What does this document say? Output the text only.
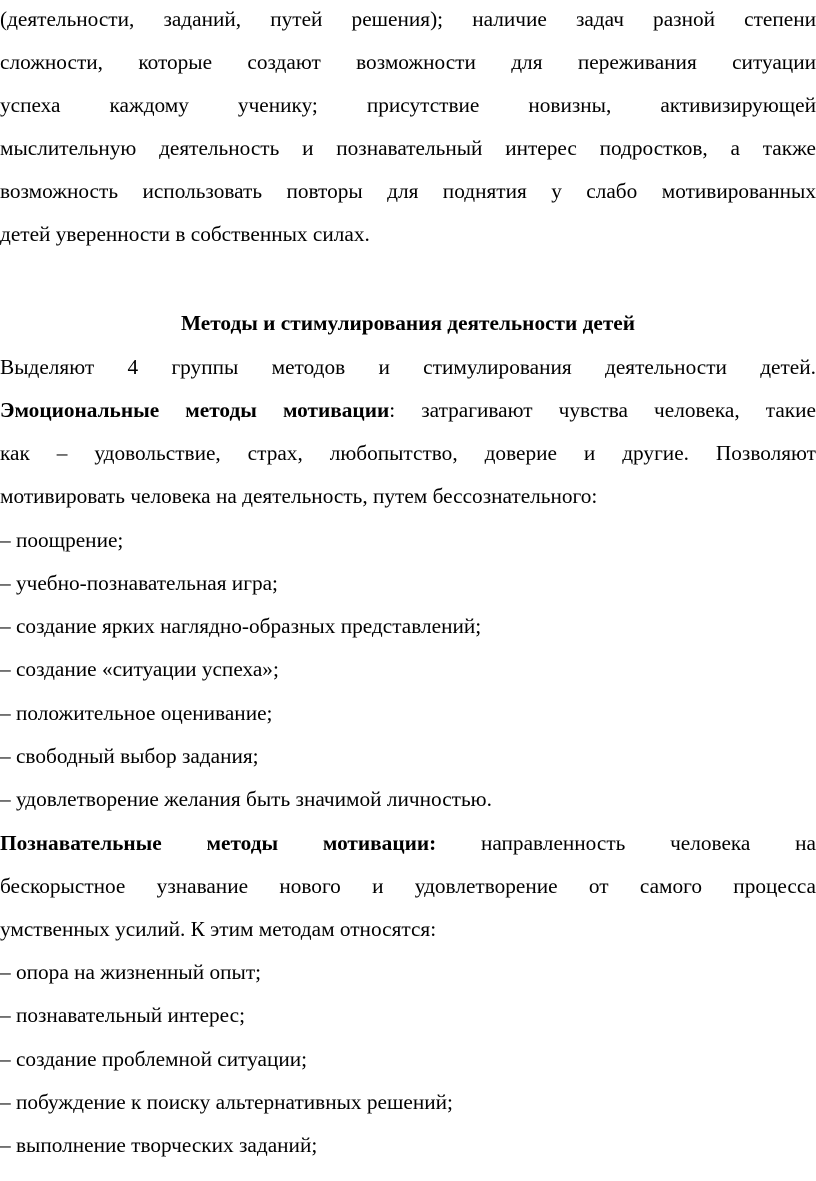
(деятельности, заданий, путей решения); наличие задач разной степени
сложности, которые создают возможности для переживания ситуации
успеха каждому ученику; присутствие новизны, активизирующей
мыслительную деятельность и познавательный интерес подростков, а также
возможность использовать повторы для поднятия у слабо мотивированных
детей уверенности в собственных силах.
Методы и стимулирования деятельности детей
Выделяют 4 группы методов и стимулирования деятельности детей.
Эмоциональные методы мотивации: затрагивают чувства человека, такие
как – удовольствие, страх, любопытство, доверие и другие. Позволяют
мотивировать человека на деятельность, путем бессознательного:
– поощрение;
– учебно-познавательная игра;
– создание ярких наглядно-образных представлений;
– создание «ситуации успеха»;
– положительное оценивание;
– свободный выбор задания;
– удовлетворение желания быть значимой личностью.
Познавательные методы мотивации: направленность человека на
бескорыстное узнавание нового и удовлетворение от самого процесса
умственных усилий. К этим методам относятся:
– опора на жизненный опыт;
– познавательный интерес;
– создание проблемной ситуации;
– побуждение к поиску альтернативных решений;
– выполнение творческих заданий;
